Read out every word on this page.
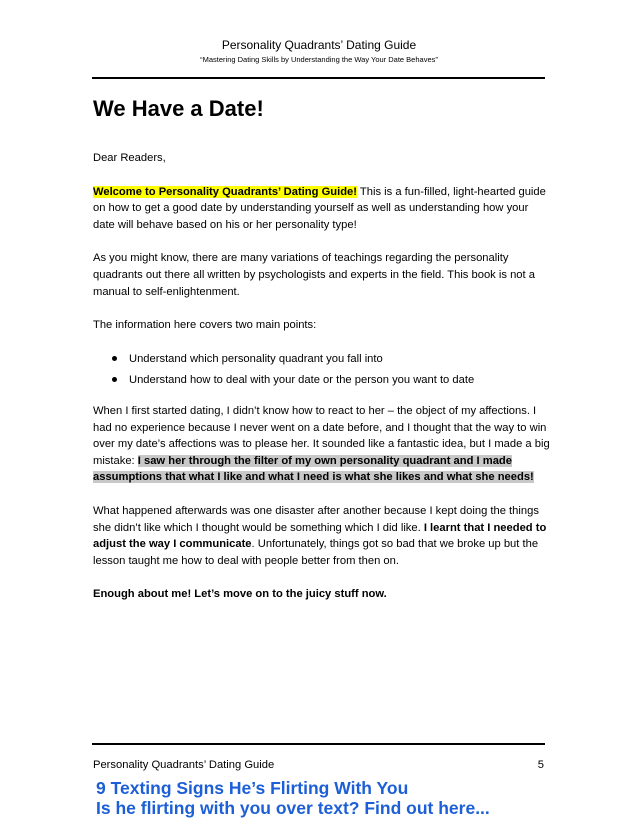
Personality Quadrants’ Dating Guide
“Mastering Dating Skills by Understanding the Way Your Date Behaves”
We Have a Date!

Dear Readers,

Welcome to Personality Quadrants’ Dating Guide! This is a fun-filled, light-hearted guide on how to get a good date by understanding yourself as well as understanding how your date will behave based on his or her personality type!

As you might know, there are many variations of teachings regarding the personality quadrants out there all written by psychologists and experts in the field. This book is not a manual to self-enlightenment.

The information here covers two main points:

Understand which personality quadrant you fall into
Understand how to deal with your date or the person you want to date

When I first started dating, I didn’t know how to react to her – the object of my affections. I had no experience because I never went on a date before, and I thought that the way to win over my date’s affections was to please her. It sounded like a fantastic idea, but I made a big mistake: I saw her through the filter of my own personality quadrant and I made assumptions that what I like and what I need is what she likes and what she needs!

What happened afterwards was one disaster after another because I kept doing the things she didn’t like which I thought would be something which I did like. I learnt that I needed to adjust the way I communicate. Unfortunately, things got so bad that we broke up but the lesson taught me how to deal with people better from then on.

Enough about me! Let’s move on to the juicy stuff now.

Personality Quadrants’ Dating Guide	5
9 Texting Signs He’s Flirting With You
Is he flirting with you over text? Find out here...
